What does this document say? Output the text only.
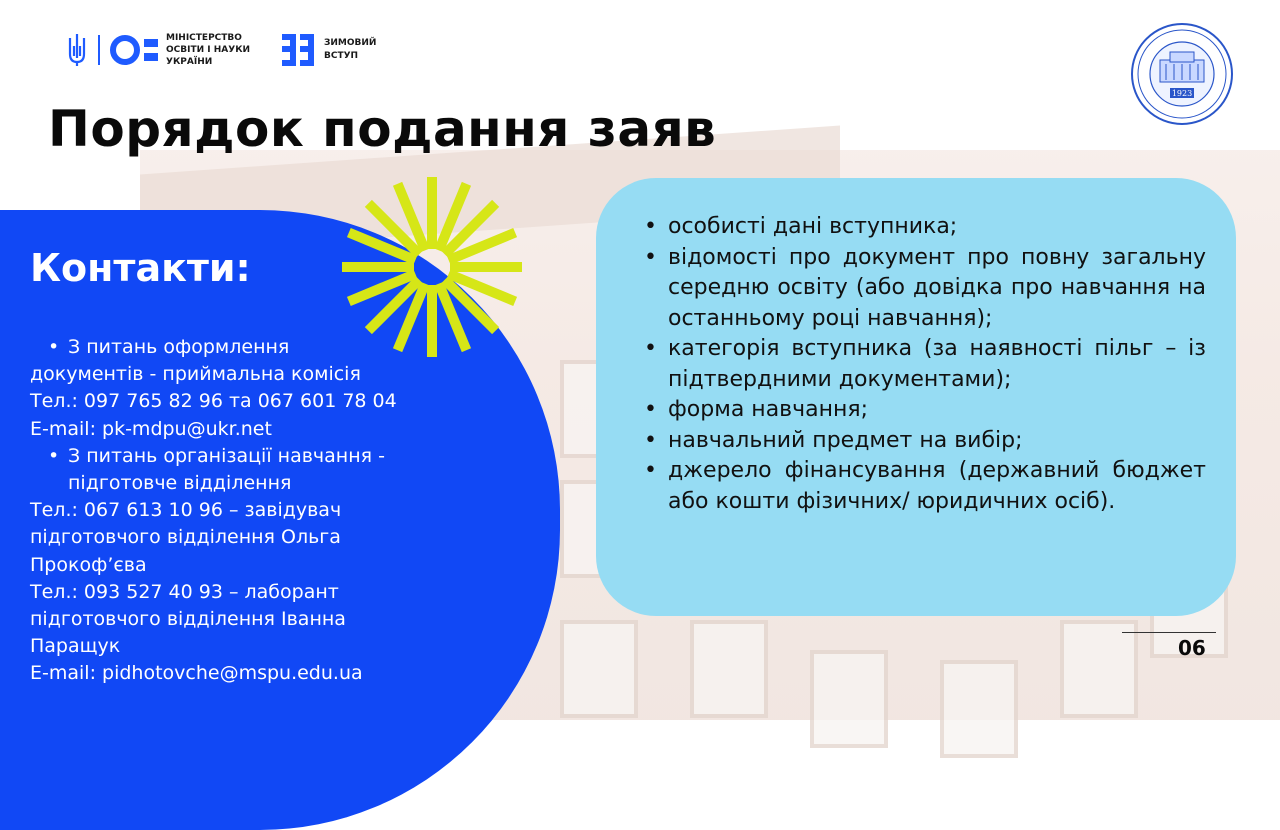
МІНІСТЕРСТВО ОСВІТИ І НАУКИ УКРАЇНИ
ЗИМОВИЙ ВСТУП
1923
Порядок подання заяв
Контакти:
• З питань оформлення
документів - приймальна комісія
Тел.: 097 765 82 96 та 067 601 78 04
E-mail: pk-mdpu@ukr.net
• З питань організації навчання -
підготовче відділення
Тел.: 067 613 10 96 – завідувач
підготовчого відділення Ольга
Прокоф’єва
Тел.: 093 527 40 93 – лаборант
підготовчого відділення Іванна
Паращук
E-mail: pidhotovche@mspu.edu.ua
• особисті дані вступника;
• відомості про документ про повну загальну середню освіту (або довідка про навчання на останньому році навчання);
• категорія вступника (за наявності пільг – із підтвердними документами);
• форма навчання;
• навчальний предмет на вибір;
• джерело фінансування (державний бюджет або кошти фізичних/ юридичних осіб).
06
